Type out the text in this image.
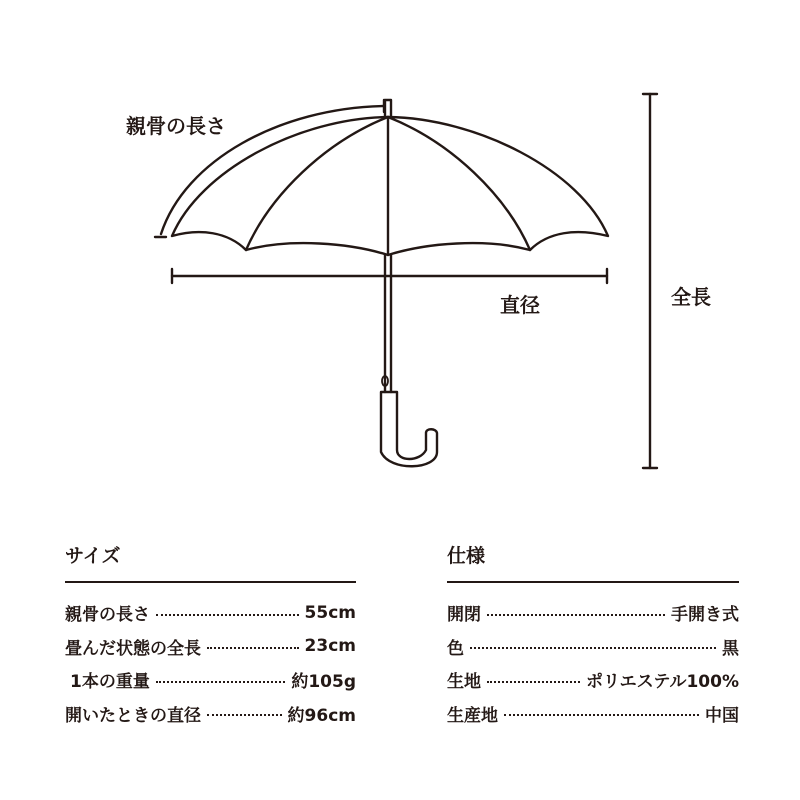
親骨の長さ
直径	全長
サイズ
親骨の長さ	55cm
畳んだ状態の全長	23cm
1本の重量	約105g
開いたときの直径	約96cm
仕様
開閉	手開き式
色	黒
生地	ポリエステル100%
生産地	中国
